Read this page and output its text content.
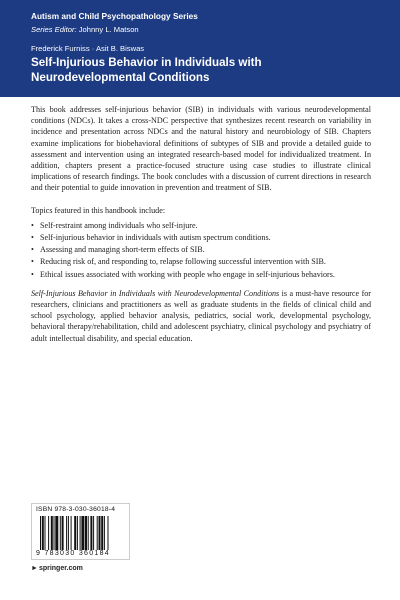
Autism and Child Psychopathology Series
Series Editor: Johnny L. Matson
Frederick Furniss · Asit B. Biswas
Self-Injurious Behavior in Individuals with Neurodevelopmental Conditions

This book addresses self-injurious behavior (SIB) in individuals with various neurodevelopmental conditions (NDCs). It takes a cross-NDC perspective that synthesizes recent research on variability in incidence and presentation across NDCs and the natural history and neurobiology of SIB. Chapters examine implications for biobehavioral definitions of subtypes of SIB and provide a detailed guide to assessment and intervention using an integrated research-based model for individualized treatment. In addition, chapters present a practice-focused structure using case studies to illustrate clinical implications of research findings. The book concludes with a discussion of current directions in research and their potential to guide innovation in prevention and treatment of SIB.

Topics featured in this handbook include:

• Self-restraint among individuals who self-injure.
• Self-injurious behavior in individuals with autism spectrum conditions.
• Assessing and managing short-term effects of SIB.
• Reducing risk of, and responding to, relapse following successful intervention with SIB.
• Ethical issues associated with working with people who engage in self-injurious behaviors.

Self-Injurious Behavior in Individuals with Neurodevelopmental Conditions is a must-have resource for researchers, clinicians and practitioners as well as graduate students in the fields of clinical child and school psychology, applied behavior analysis, pediatrics, social work, developmental psychology, behavioral therapy/rehabilitation, child and adolescent psychiatry, clinical psychology and psychiatry of adult intellectual disability, and special education.

ISBN 978-3-030-36018-4
9 783030 360184
►springer.com
